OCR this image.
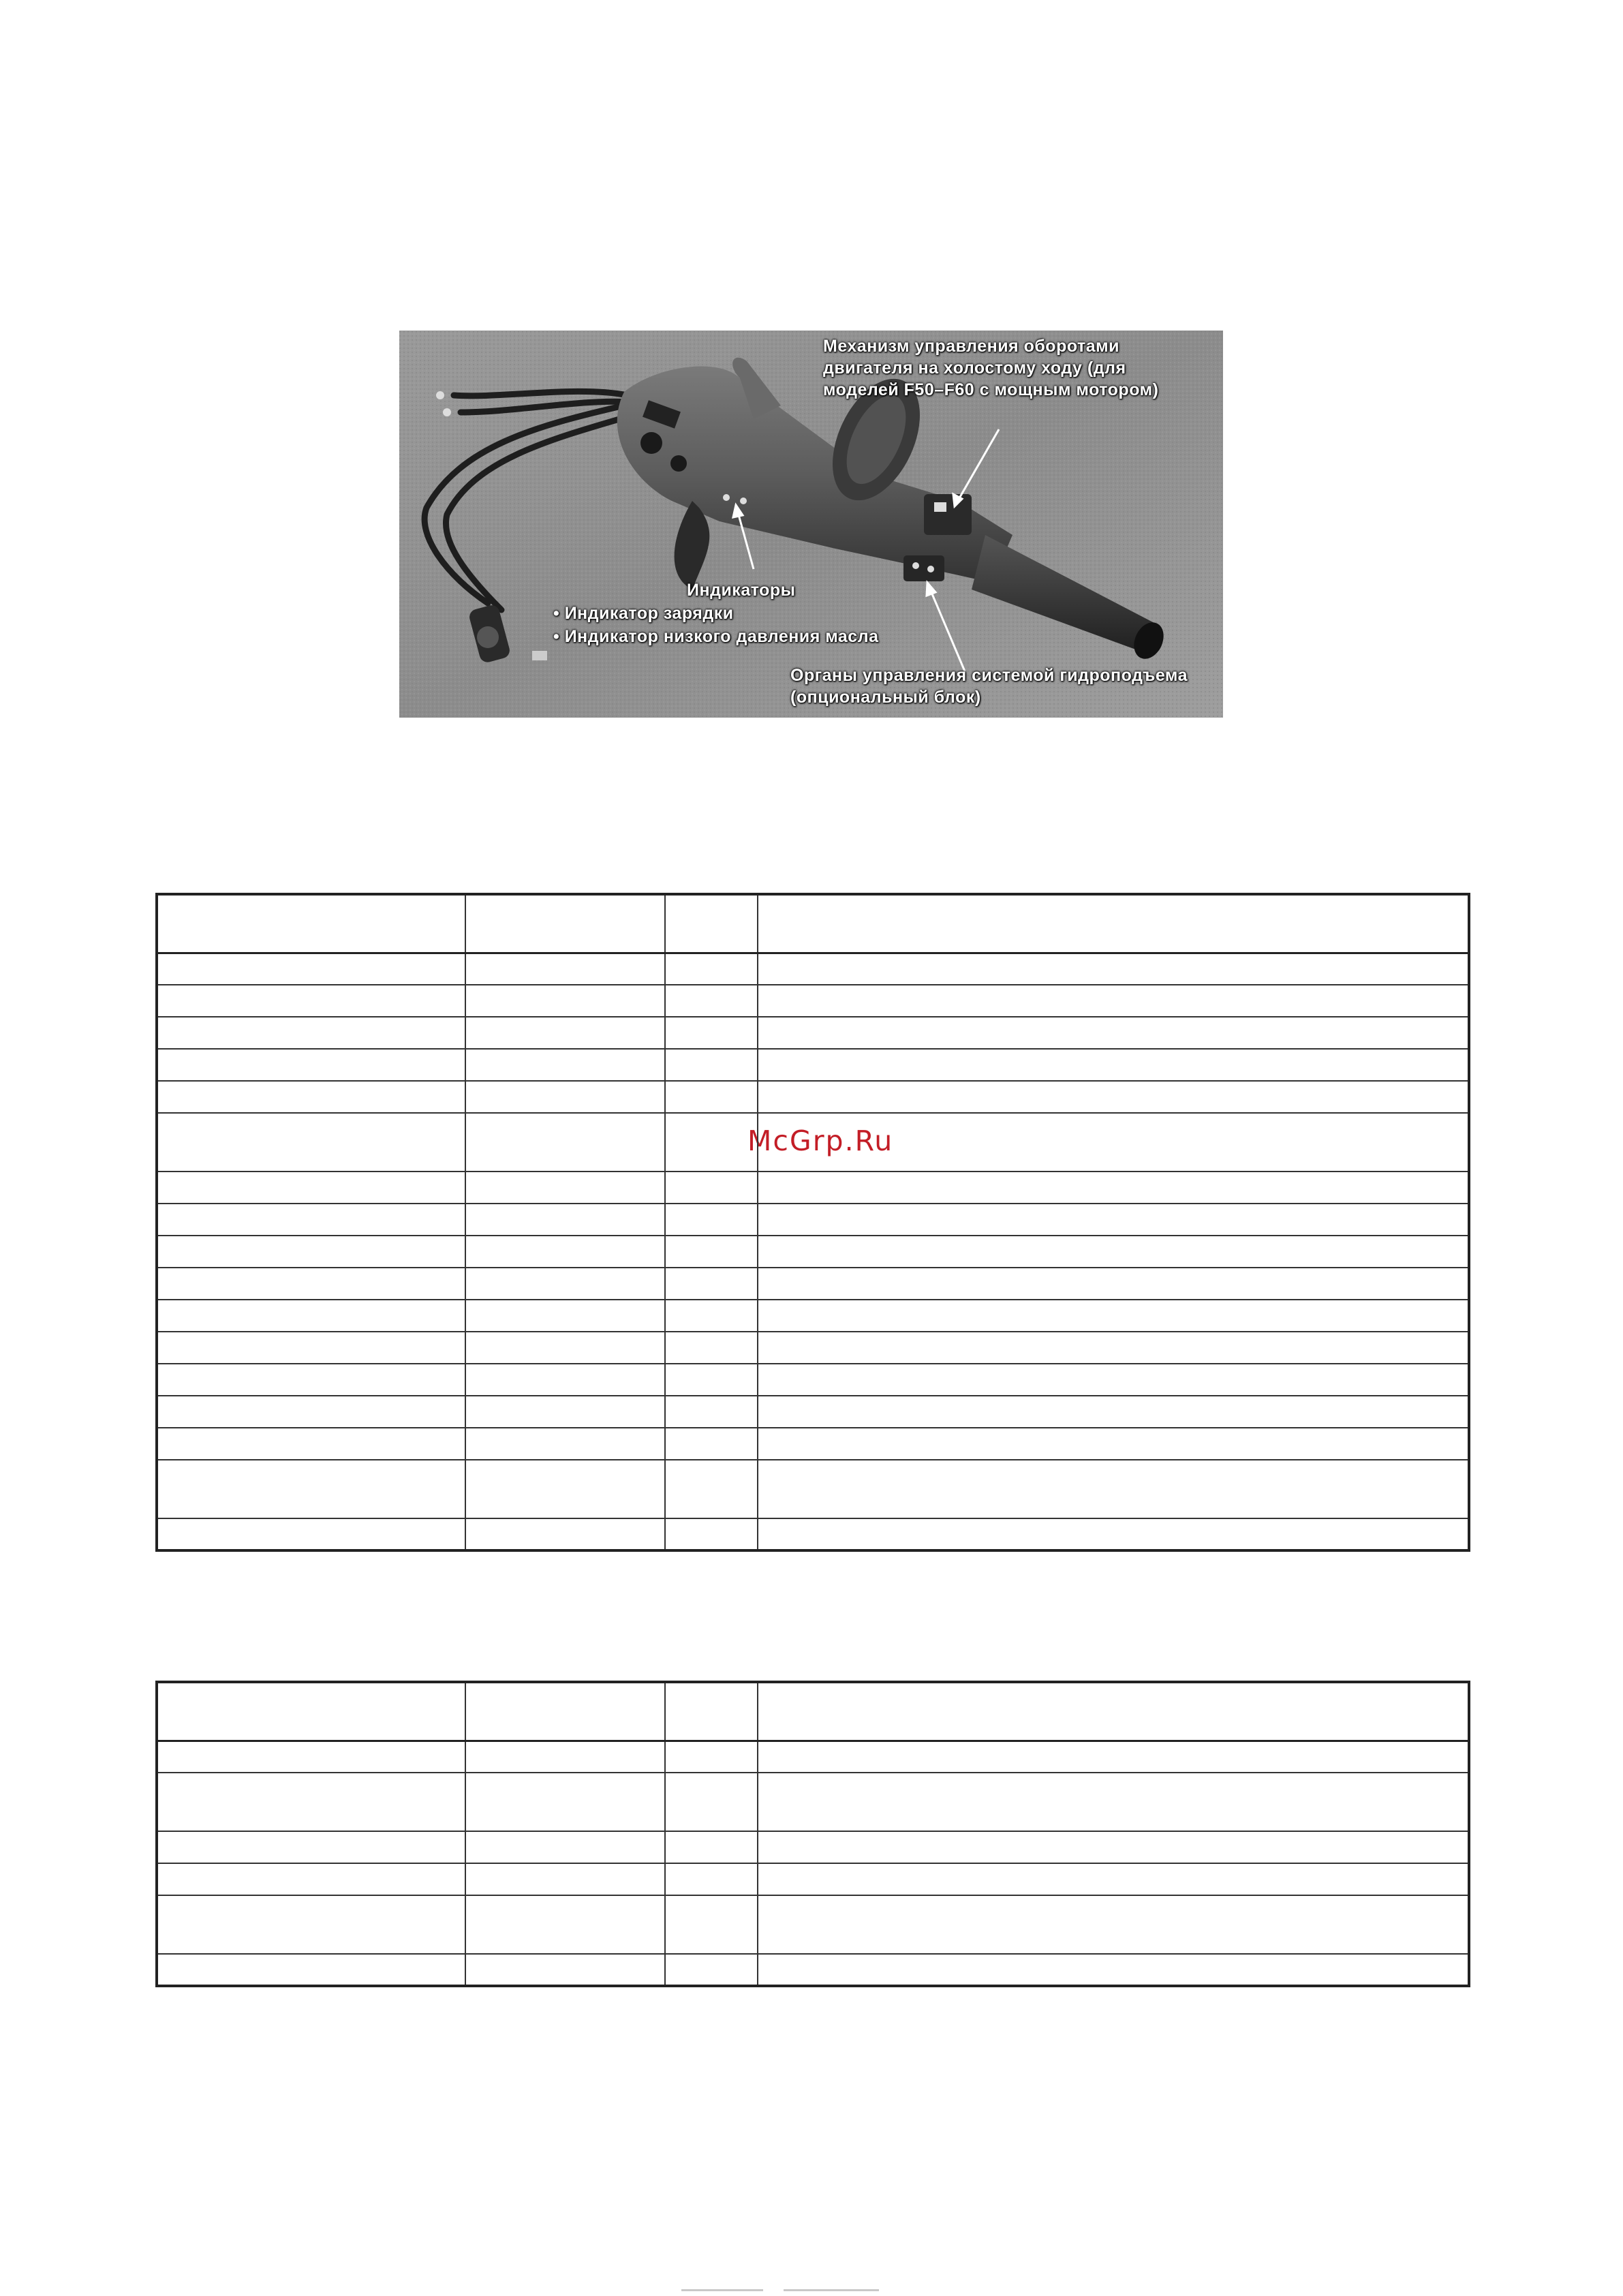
Механизм управления оборотами двигателя на холостому ходу (для моделей F50–F60 с мощным мотором)
Индикаторы
• Индикатор зарядки
• Индикатор низкого давления масла
Органы управления системой гидроподъема (опциональный блок)
McGrp.Ru
